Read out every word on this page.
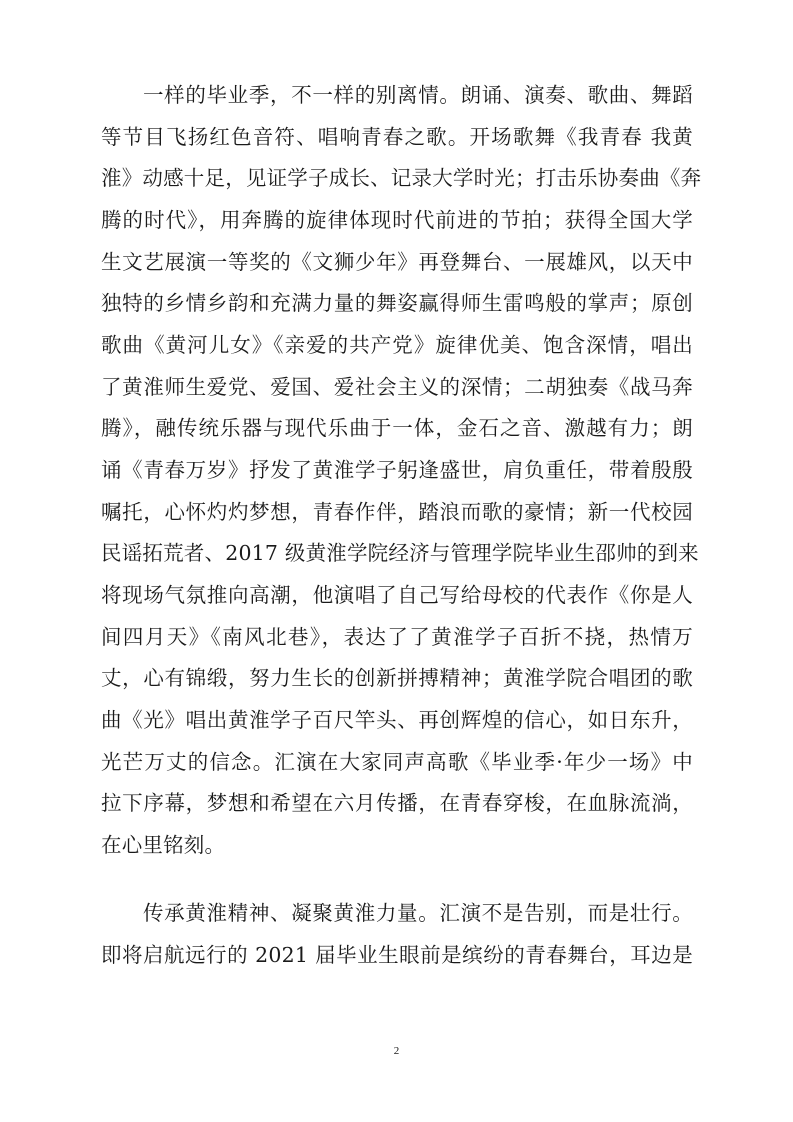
一样的毕业季，不一样的别离情。朗诵、演奏、歌曲、舞蹈
等节目飞扬红色音符、唱响青春之歌。开场歌舞《我青春 我黄
淮》动感十足，见证学子成长、记录大学时光；打击乐协奏曲《奔
腾的时代》，用奔腾的旋律体现时代前进的节拍；获得全国大学
生文艺展演一等奖的《文狮少年》再登舞台、一展雄风，以天中
独特的乡情乡韵和充满力量的舞姿赢得师生雷鸣般的掌声；原创
歌曲《黄河儿女》《亲爱的共产党》旋律优美、饱含深情，唱出
了黄淮师生爱党、爱国、爱社会主义的深情；二胡独奏《战马奔
腾》，融传统乐器与现代乐曲于一体，金石之音、激越有力；朗
诵《青春万岁》抒发了黄淮学子躬逢盛世，肩负重任，带着殷殷
嘱托，心怀灼灼梦想，青春作伴，踏浪而歌的豪情；新一代校园
民谣拓荒者、2017 级黄淮学院经济与管理学院毕业生邵帅的到来
将现场气氛推向高潮，他演唱了自己写给母校的代表作《你是人
间四月天》《南风北巷》，表达了了黄淮学子百折不挠，热情万
丈，心有锦缎，努力生长的创新拼搏精神；黄淮学院合唱团的歌
曲《光》唱出黄淮学子百尺竿头、再创辉煌的信心，如日东升，
光芒万丈的信念。汇演在大家同声高歌《毕业季·年少一场》中
拉下序幕，梦想和希望在六月传播，在青春穿梭，在血脉流淌，
在心里铭刻。
传承黄淮精神、凝聚黄淮力量。汇演不是告别，而是壮行。
即将启航远行的 2021 届毕业生眼前是缤纷的青春舞台，耳边是
2
